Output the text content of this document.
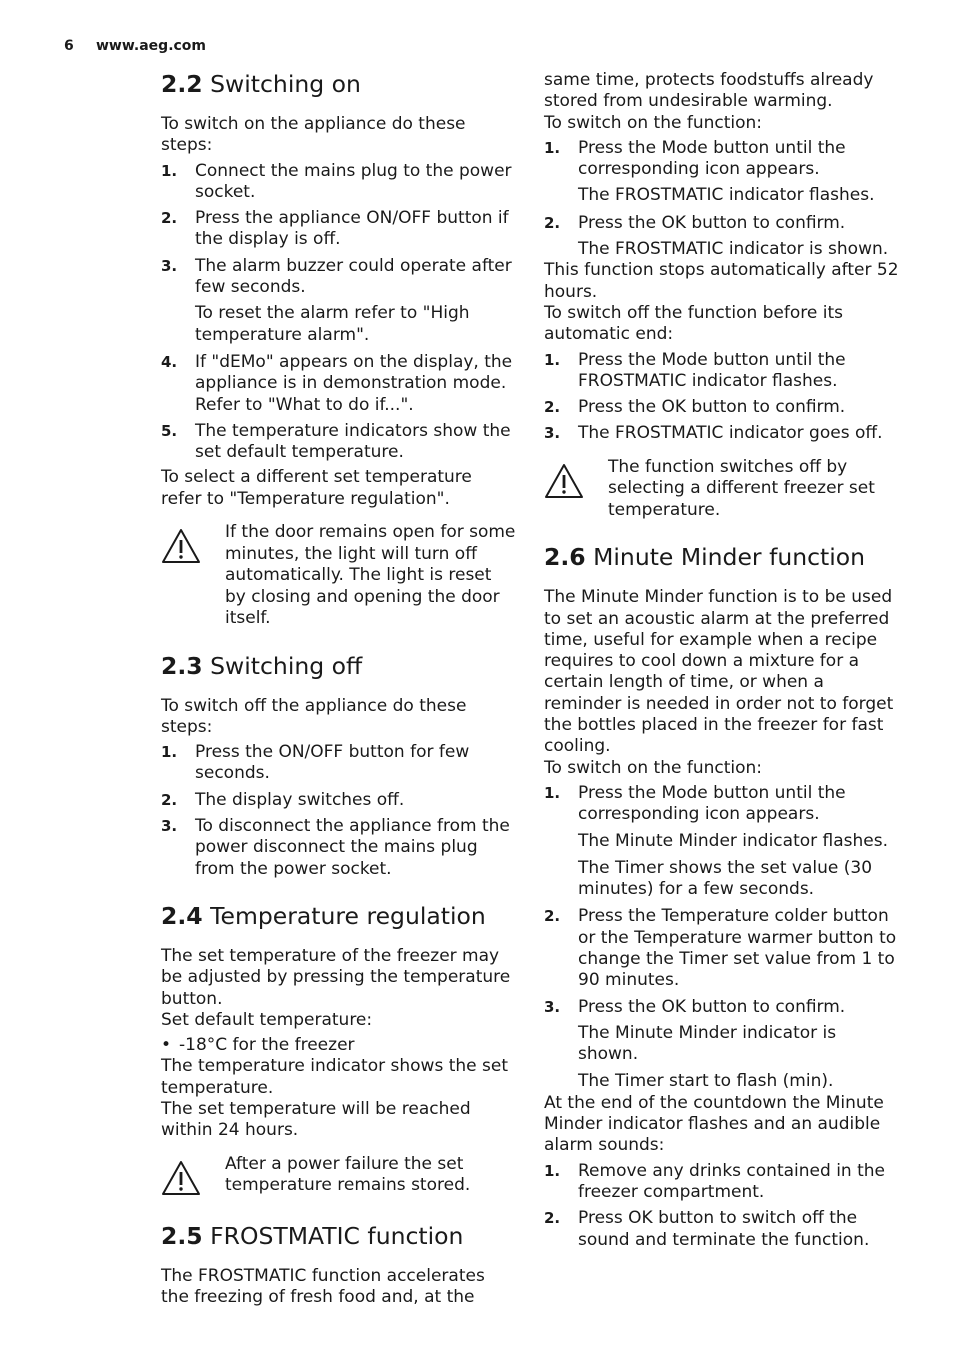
6 www.aeg.com
2.2 Switching on

To switch on the appliance do these steps:

1.	Connect the mains plug to the power socket.
2.	Press the appliance ON/OFF button if the display is off.
3.	The alarm buzzer could operate after few seconds.
To reset the alarm refer to "High temperature alarm".
4.	If "dEMo" appears on the display, the appliance is in demonstration mode. Refer to "What to do if...".
5.	The temperature indicators show the set default temperature.

To select a different set temperature refer to "Temperature regulation".

If the door remains open for some minutes, the light will turn off automatically. The light is reset by closing and opening the door itself.
2.3 Switching off

To switch off the appliance do these steps:

1.	Press the ON/OFF button for few seconds.
2.	The display switches off.
3.	To disconnect the appliance from the power disconnect the mains plug from the power socket.
2.4 Temperature regulation

The set temperature of the freezer may be adjusted by pressing the temperature button.

Set default temperature:

• -18°C for the freezer

The temperature indicator shows the set temperature.

The set temperature will be reached within 24 hours.

After a power failure the set temperature remains stored.
2.5 FROSTMATIC function

The FROSTMATIC function accelerates the freezing of fresh food and, at the

same time, protects foodstuffs already stored from undesirable warming.

To switch on the function:

1.	Press the Mode button until the corresponding icon appears.
The FROSTMATIC indicator flashes.
2.	Press the OK button to confirm.
The FROSTMATIC indicator is shown.

This function stops automatically after 52 hours.

To switch off the function before its automatic end:

1.	Press the Mode button until the FROSTMATIC indicator flashes.
2.	Press the OK button to confirm.
3.	The FROSTMATIC indicator goes off.
The function switches off by selecting a different freezer set temperature.
2.6 Minute Minder function

The Minute Minder function is to be used to set an acoustic alarm at the preferred time, useful for example when a recipe requires to cool down a mixture for a certain length of time, or when a reminder is needed in order not to forget the bottles placed in the freezer for fast cooling.

To switch on the function:

1.	Press the Mode button until the corresponding icon appears.
The Minute Minder indicator flashes.
The Timer shows the set value (30 minutes) for a few seconds.
2.	Press the Temperature colder button or the Temperature warmer button to change the Timer set value from 1 to 90 minutes.
3.	Press the OK button to confirm.
The Minute Minder indicator is shown.
The Timer start to flash (min).

At the end of the countdown the Minute Minder indicator flashes and an audible alarm sounds:

1.	Remove any drinks contained in the freezer compartment.
2.	Press OK button to switch off the sound and terminate the function.
